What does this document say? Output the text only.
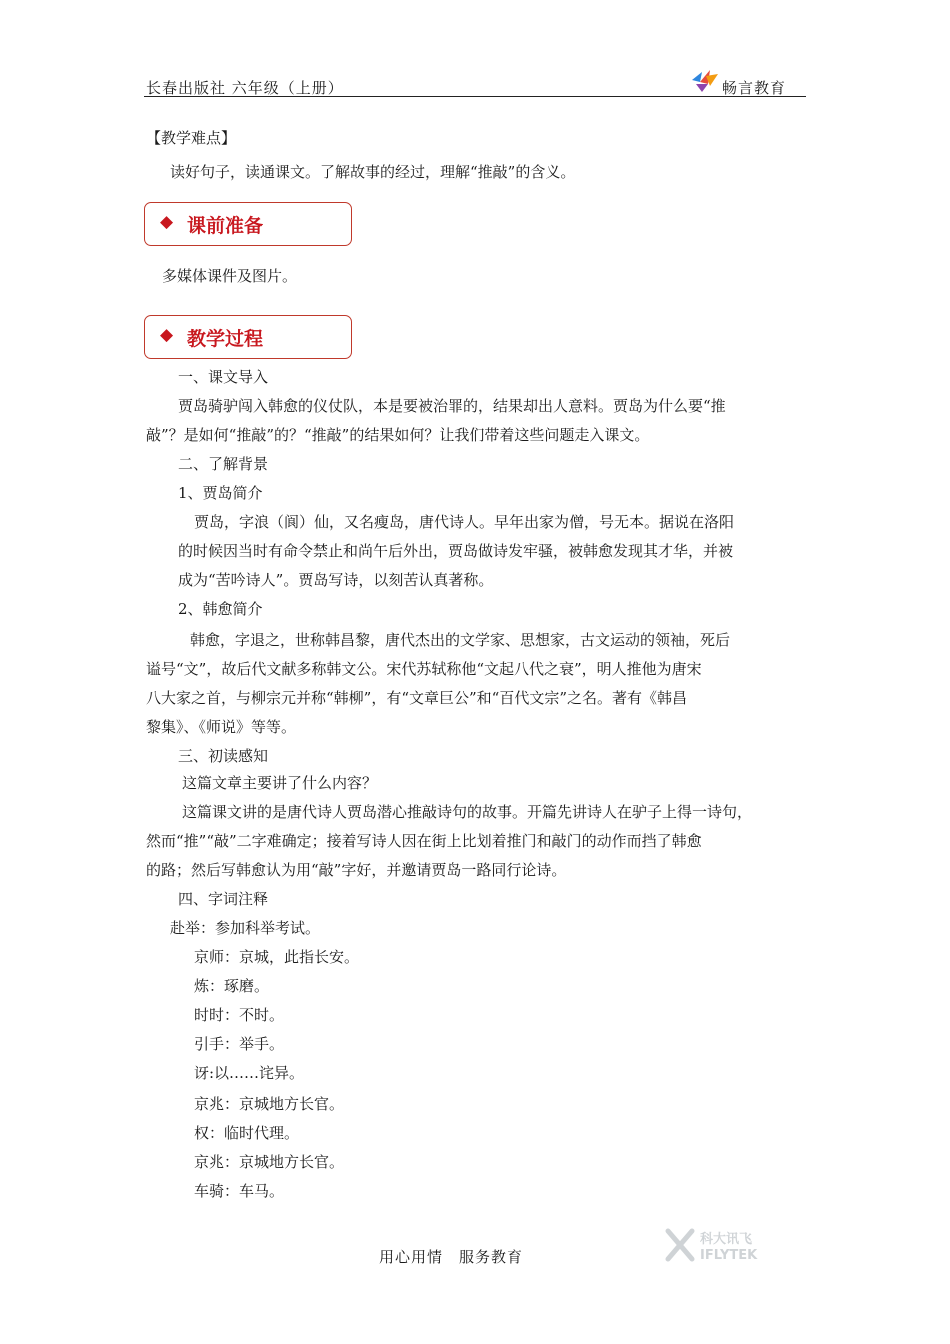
长春出版社 六年级（上册）	畅言教育
【教学难点】
读好句子，读通课文。了解故事的经过，理解“推敲”的含义。
◆ 课前准备
多媒体课件及图片。
◆ 教学过程
一、课文导入
贾岛骑驴闯入韩愈的仪仗队，本是要被治罪的，结果却出人意料。贾岛为什么要“推
敲”？是如何“推敲”的？“推敲”的结果如何？让我们带着这些问题走入课文。
二、了解背景
1、贾岛简介
贾岛，字浪（阆）仙，又名瘦岛，唐代诗人。早年出家为僧，号无本。据说在洛阳
的时候因当时有命令禁止和尚午后外出，贾岛做诗发牢骚，被韩愈发现其才华，并被
成为“苦吟诗人”。贾岛写诗，以刻苦认真著称。
2、韩愈简介
韩愈，字退之，世称韩昌黎，唐代杰出的文学家、思想家，古文运动的领袖，死后
谥号“文”，故后代文献多称韩文公。宋代苏轼称他“文起八代之衰”，明人推他为唐宋
八大家之首，与柳宗元并称“韩柳”，有“文章巨公”和“百代文宗”之名。著有《韩昌
黎集》、《师说》等等。
三、初读感知
这篇文章主要讲了什么内容？
这篇课文讲的是唐代诗人贾岛潜心推敲诗句的故事。开篇先讲诗人在驴子上得一诗句，
然而“推”“敲”二字难确定；接着写诗人因在街上比划着推门和敲门的动作而挡了韩愈
的路；然后写韩愈认为用“敲”字好，并邀请贾岛一路同行论诗。
四、字词注释
赴举：参加科举考试。
京师：京城，此指长安。
炼：琢磨。
时时：不时。
引手：举手。
讶:以……诧异。
京兆：京城地方长官。
权：临时代理。
京兆：京城地方长官。
车骑：车马。
用心用情　服务教育
科大讯飞
IFLYTEK
